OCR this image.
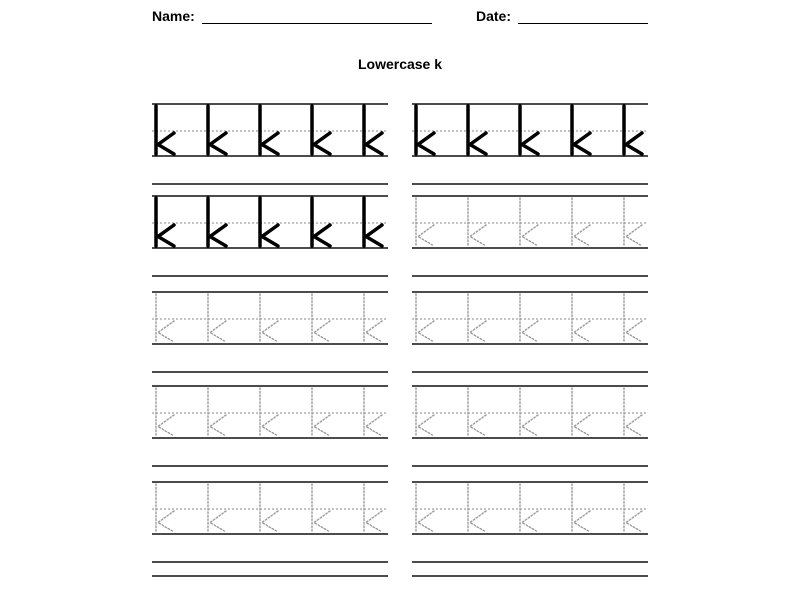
Name:	Date:
Lowercase k
